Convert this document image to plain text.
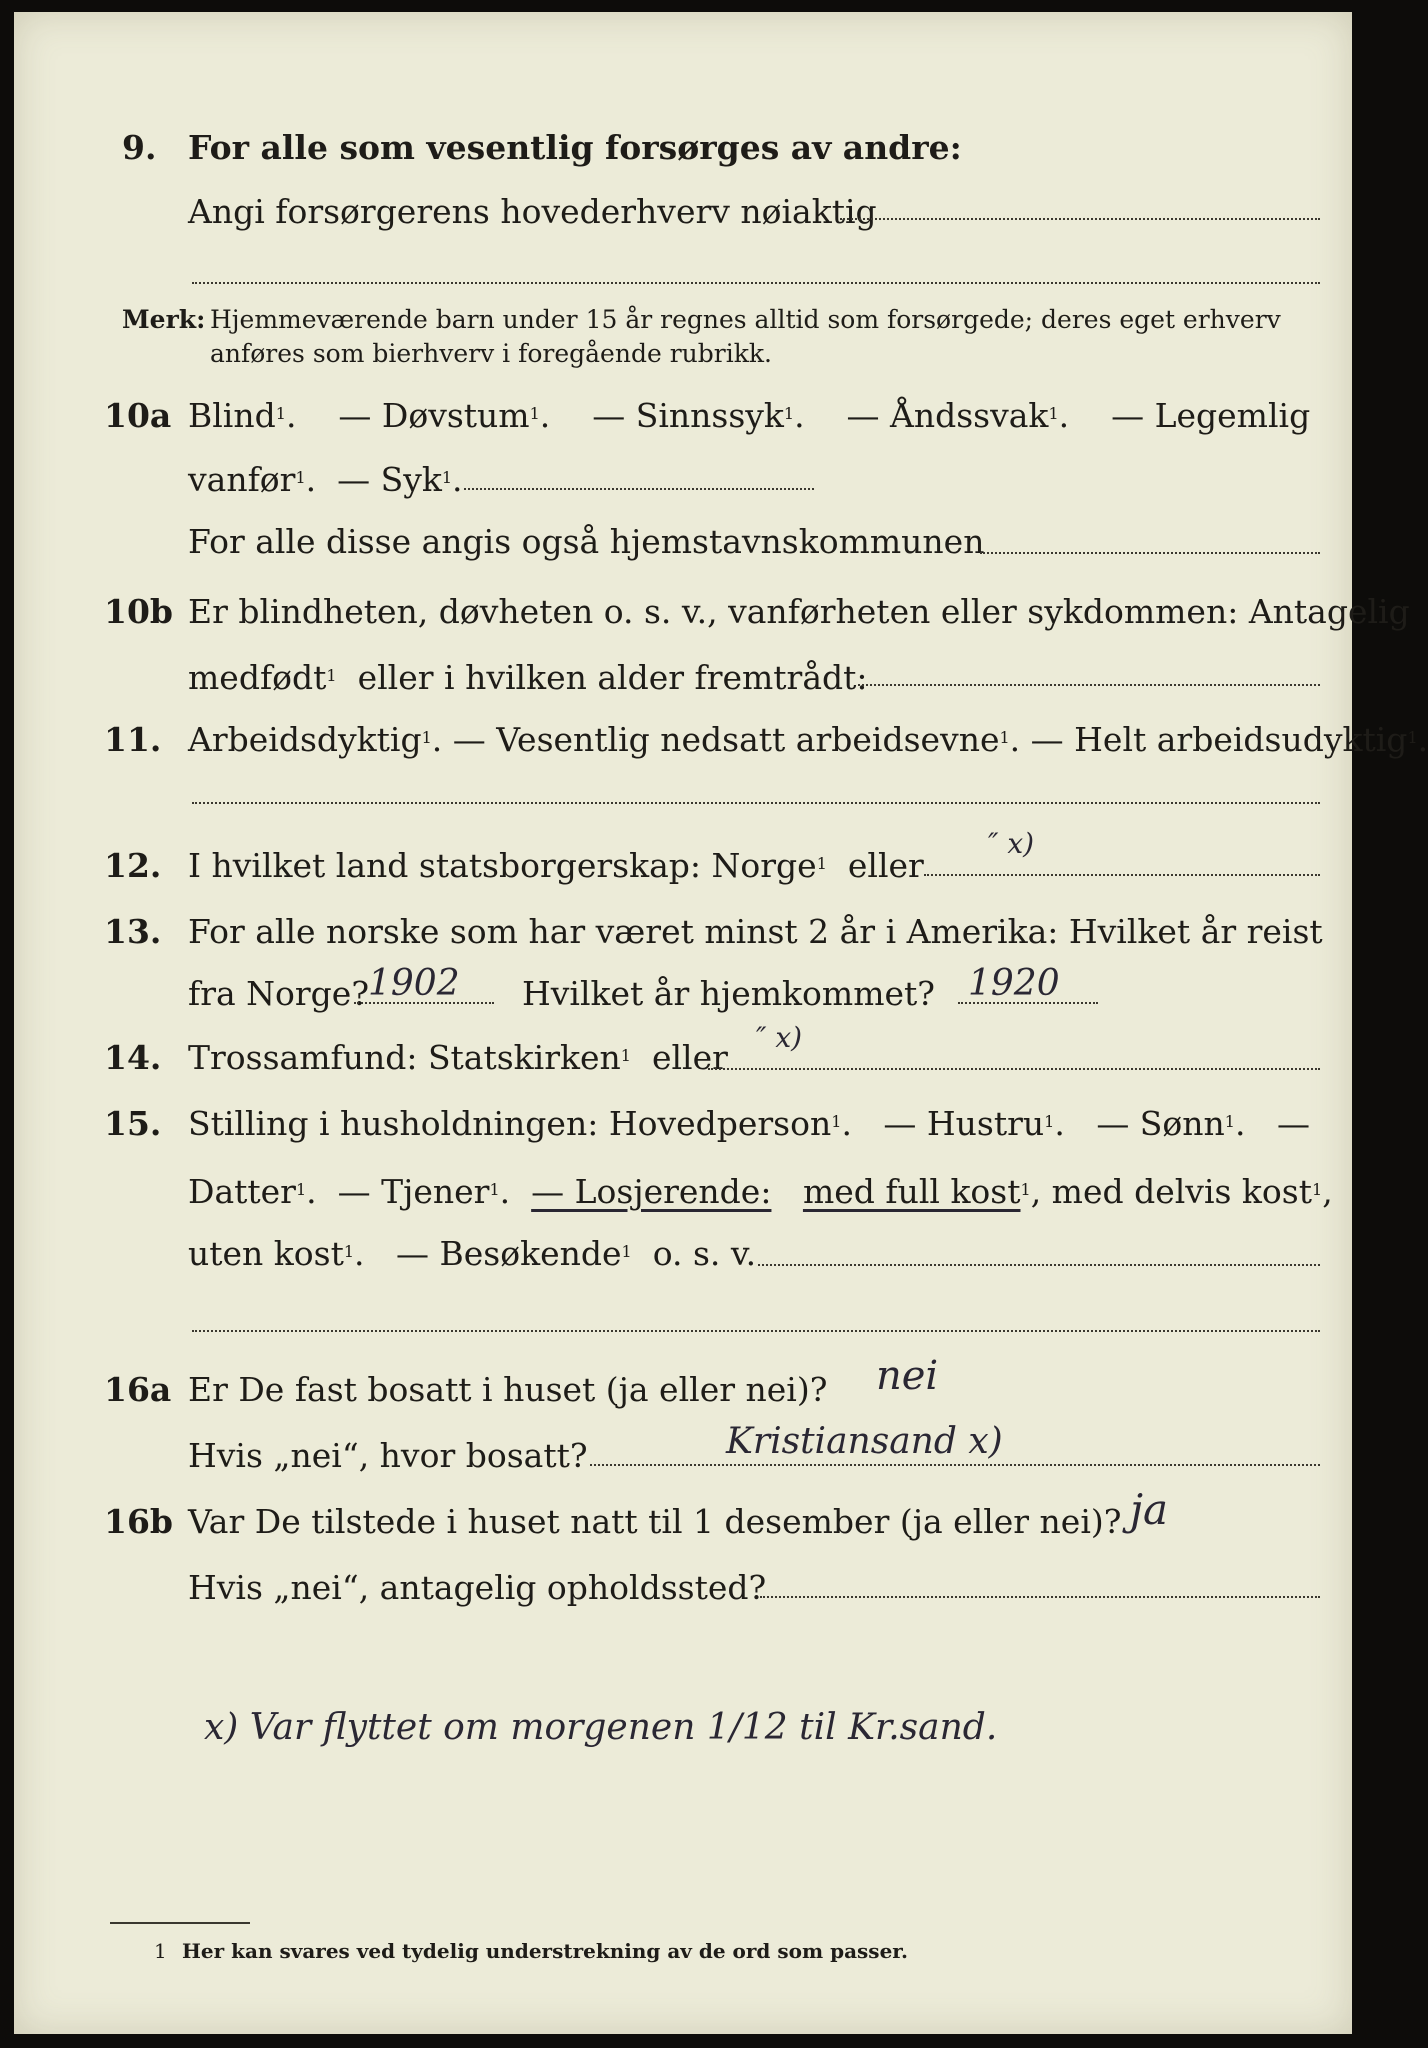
9. For alle som vesentlig forsørges av andre:
Angi forsørgerens hovederhverv nøiaktig
Merk: Hjemmeværende barn under 15 år regnes alltid som forsørgede; deres eget erhverv
anføres som bierhverv i foregående rubrikk.
10a Blind$^1$.    — Døvstum$^1$.    — Sinnssyk$^1$.    — Åndssvak$^1$.    — Legemlig
vanfør$^1$.  — Syk$^1$.
For alle disse angis også hjemstavnskommunen
10b Er blindheten, døvheten o. s. v., vanførheten eller sykdommen: Antagelig
medfødt$^1$ eller i hvilken alder fremtrådt:
11. Arbeidsdyktig$^1$. — Vesentlig nedsatt arbeidsevne$^1$. — Helt arbeidsudyktig$^1$.
12. I hvilket land statsborgerskap: Norge$^1$ eller
″ x)
13. For alle norske som har været minst 2 år i Amerika: Hvilket år reist
fra Norge?
1902 Hvilket år hjemkommet? 1920
14. Trossamfund: Statskirken$^1$ eller
″ x)
15. Stilling i husholdningen: Hovedperson$^1$.   — Hustru$^1$.   — Sønn$^1$.   —
Datter$^1$.  — Tjener$^1$.  — Losjerende: med full kost$^1$, med delvis kost$^1$,
uten kost$^1$.   — Besøkende$^1$ o. s. v.
16a Er De fast bosatt i huset (ja eller nei)? nei
Hvis „nei“, hvor bosatt?	Kristiansand x)
16b Var De tilstede i huset natt til 1 desember (ja eller nei)? ja
Hvis „nei“, antagelig opholdssted?
x) Var flyttet om morgenen 1/12 til Kr.sand.
1 Her kan svares ved tydelig understrekning av de ord som passer.
